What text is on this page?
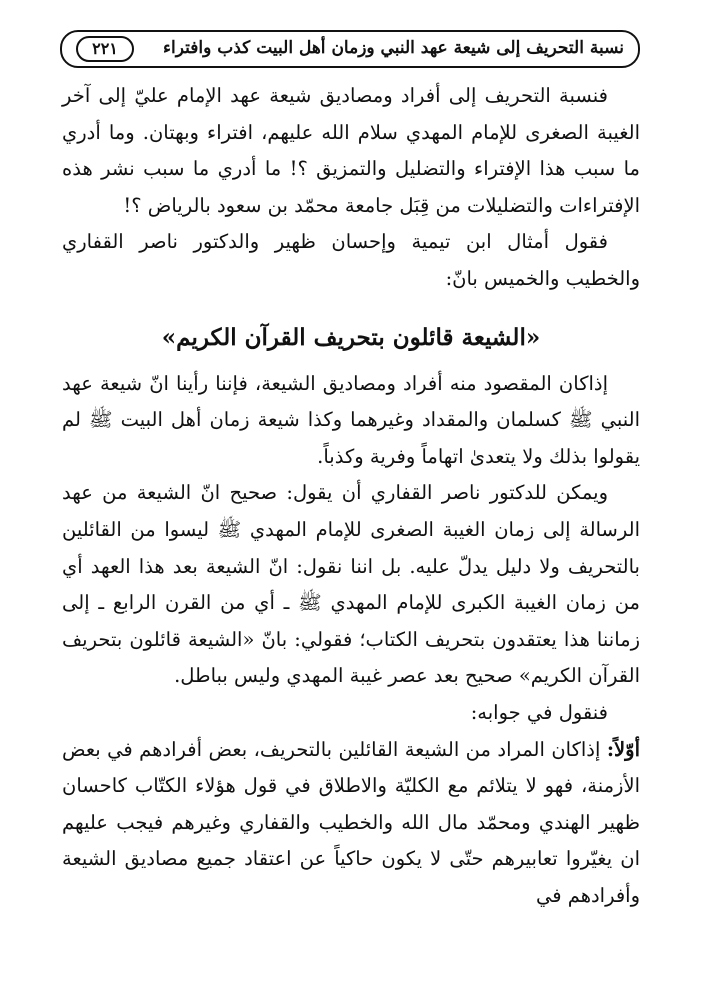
نسبة التحريف إلى شيعة عهد النبي وزمان أهل البيت كذب وافتراء
٢٢١

فنسبة التحريف إلى أفراد ومصاديق شيعة عهد الإمام عليّ إلى آخر الغيبة الصغرى للإمام المهدي سلام الله عليهم، افتراء وبهتان. وما أدري ما سبب هذا الإفتراء والتضليل والتمزيق ؟! ما أدري ما سبب نشر هذه الإفتراءات والتضليلات من قِبَل جامعة محمّد بن سعود بالرياض ؟!

فقول أمثال ابن تيمية وإحسان ظهير والدكتور ناصر القفاري والخطيب والخميس بانّ:

«الشيعة قائلون بتحريف القرآن الكريم»

إذاكان المقصود منه أفراد ومصاديق الشيعة، فإننا رأينا انّ شيعة عهد النبي ﷺ كسلمان والمقداد وغيرهما وكذا شيعة زمان أهل البيت ﷺ لم يقولوا بذلك ولا يتعدىٰ اتهاماً وفرية وكذباً.

ويمكن للدكتور ناصر القفاري أن يقول: صحيح انّ الشيعة من عهد الرسالة إلى زمان الغيبة الصغرى للإمام المهدي ﷺ ليسوا من القائلين بالتحريف ولا دليل يدلّ عليه. بل اننا نقول: انّ الشيعة بعد هذا العهد أي من زمان الغيبة الكبرى للإمام المهدي ﷺ ـ أي من القرن الرابع ـ إلى زماننا هذا يعتقدون بتحريف الكتاب؛ فقولي: بانّ «الشيعة قائلون بتحريف القرآن الكريم» صحيح بعد عصر غيبة المهدي وليس بباطل.

فنقول في جوابه:

أوّلاً: إذاكان المراد من الشيعة القائلين بالتحريف، بعض أفرادهم في بعض الأزمنة، فهو لا يتلائم مع الكليّة والاطلاق في قول هؤلاء الكتّاب كاحسان ظهير الهندي ومحمّد مال الله والخطيب والقفاري وغيرهم فيجب عليهم ان يغيّروا تعابيرهم حتّى لا يكون حاكياً عن اعتقاد جميع مصاديق الشيعة وأفرادهم في
